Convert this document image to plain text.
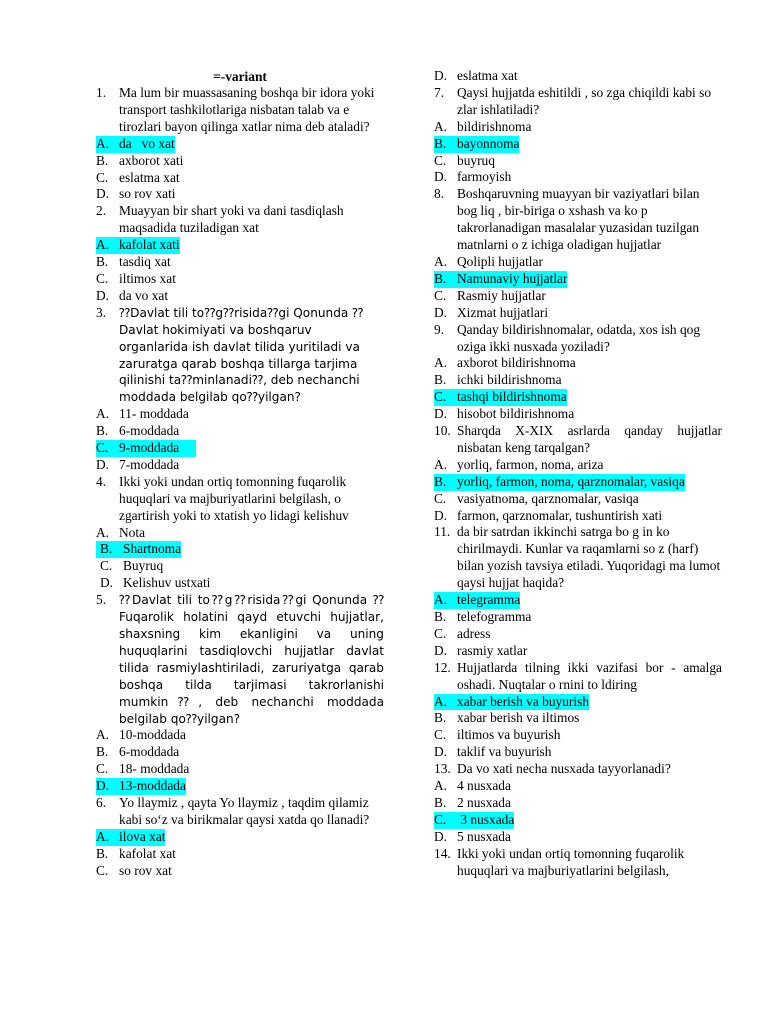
=-variant
1. Ma lum bir muassasaning boshqa bir idora yoki transport tashkilotlariga nisbatan talab va e tirozlari bayon qilinga xatlar nima deb ataladi?
A. da   vo xat
B. axborot xati
C. eslatma xat
D. so rov xati
2. Muayyan bir shart yoki va dani tasdiqlash maqsadida tuziladigan xat
A. kafolat xati
B. tasdiq xat
C. iltimos xat
D. da vo xat
3.	⁇Davlat tili to⁇g⁇risida⁇gi Qonunda ⁇Davlat hokimiyati va boshqaruv organlarida ish davlat tilida yuritiladi va zaruratga qarab boshqa tillarga tarjima qilinishi ta⁇minlanadi⁇, deb nechanchi moddada belgilab qo⁇yilgan?
A. 11- moddada
B. 6-moddada
C. 9-moddada
D. 7-moddada
4. Ikki yoki undan ortiq tomonning fuqarolik huquqlari va majburiyatlarini belgilash, o zgartirish yoki to xtatish yo lidagi kelishuv
A. Nota
B. Shartnoma
C. Buyruq
D. Kelishuv ustxati
5.	⁇Davlat tili to⁇g⁇risida⁇gi Qonunda ⁇Fuqarolik holatini qayd etuvchi hujjatlar, shaxsning kim ekanligini va uning huquqlarini tasdiqlovchi hujjatlar davlat tilida rasmiylashtiriladi, zaruriyatga qarab boshqa tilda tarjimasi takrorlanishi mumkin⁇, deb nechanchi moddada belgilab qo⁇yilgan?
A. 10-moddada
B. 6-moddada
C. 18- moddada
D. 13-moddada
6. Yo llaymiz , qayta Yo llaymiz , taqdim qilamiz kabi so‘z va birikmalar qaysi xatda qo llanadi?
A. ilova xat
B. kafolat xat
C. so rov xat
D. eslatma xat
7. Qaysi hujjatda eshitildi , so zga chiqildi kabi so zlar ishlatiladi?
A. bildirishnoma
B. bayonnoma
C. buyruq
D. farmoyish
8. Boshqaruvning muayyan bir vaziyatlari bilan bog liq , bir-biriga o xshash va ko p takrorlanadigan masalalar yuzasidan tuzilgan matnlarni o z ichiga oladigan hujjatlar
A. Qolipli hujjatlar
B. Namunaviy hujjatlar
C. Rasmiy hujjatlar
D. Xizmat hujjatlari
9. Qanday bildirishnomalar, odatda, xos ish qog oziga ikki nusxada yoziladi?
A. axborot bildirishnoma
B. ichki bildirishnoma
C. tashqi bildirishnoma
D. hisobot bildirishnoma
10. Sharqda X-XIX asrlarda qanday hujjatlar nisbatan keng tarqalgan?
A. yorliq, farmon, noma, ariza
B. yorliq, farmon, noma, qarznomalar, vasiqa
C. vasiyatnoma, qarznomalar, vasiqa
D. farmon, qarznomalar, tushuntirish xati
11. da bir satrdan ikkinchi satrga bo g in ko chirilmaydi. Kunlar va raqamlarni so z (harf) bilan yozish tavsiya etiladi. Yuqoridagi ma lumot qaysi hujjat haqida?
A. telegramma
B. telefogramma
C. adress
D. rasmiy xatlar
12. Hujjatlarda tilning ikki vazifasi bor - amalga oshadi. Nuqtalar o rnini to ldiring
A. xabar berish va buyurish
B. xabar berish va iltimos
C. iltimos va buyurish
D. taklif va buyurish
13. Da vo xati necha nusxada tayyorlanadi?
A. 4 nusxada
B. 2 nusxada
C. 3 nusxada
D. 5 nusxada
14. Ikki yoki undan ortiq tomonning fuqarolik huquqlari va majburiyatlarini belgilash,
